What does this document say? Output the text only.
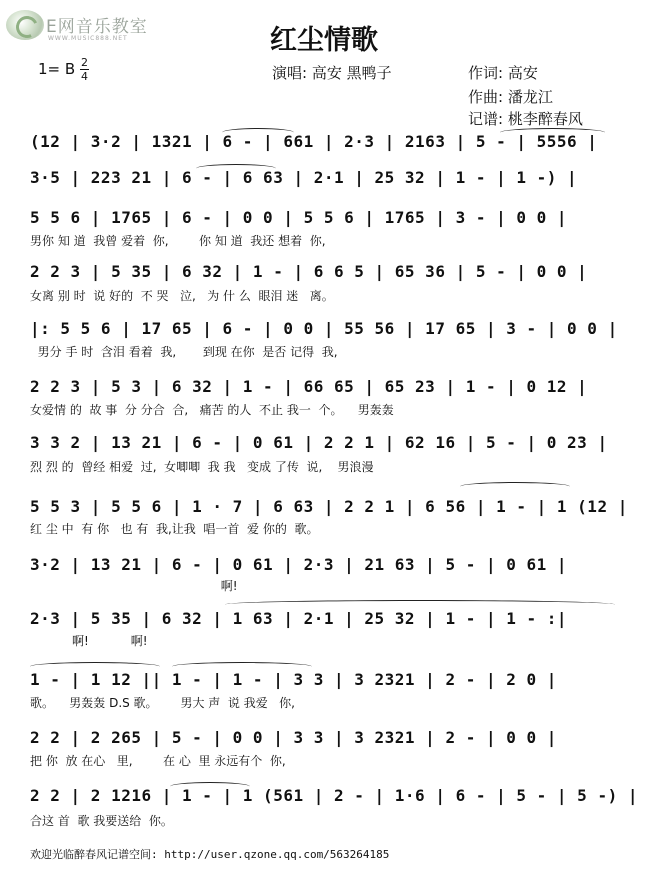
E网音乐教室
WWW.MUSIC888.NET	红尘情歌
1= B 2
4	演唱: 高安 黑鸭子	作词: 高安
作曲: 潘龙江
记谱: 桃李醉春风
(12 | 3·2 | 1321 | 6 - | 661 | 2·3 | 2163 | 5 - | 5556 |
3·5 | 223 21 | 6 - | 6 63 | 2·1 | 25 32 | 1 - | 1 -) |
5 5 6 | 1765 | 6 - | 0 0 | 5 5 6 | 1765 | 3 - | 0 0 |
男你 知 道  我曾 爱着  你,        你 知 道  我还 想着  你,
2 2 3 | 5 35 | 6 32 | 1 - | 6 6 5 | 65 36 | 5 - | 0 0 |
女离 别 时  说 好的  不 哭   泣,   为 什 么  眼泪 迷   离。
|: 5 5 6 | 17 65 | 6 - | 0 0 | 55 56 | 17 65 | 3 - | 0 0 |
男分 手 时  含泪 看着  我,       到现 在你  是否 记得  我,
2 2 3 | 5 3 | 6 32 | 1 - | 66 65 | 65 23 | 1 - | 0 12 |
女爱情 的  故 事  分 分合  合,   痛苦 的人  不止 我一  个。    男轰轰
3 3 2 | 13 21 | 6 - | 0 61 | 2 2 1 | 62 16 | 5 - | 0 23 |
烈 烈 的  曾经 相爱  过,  女唧唧  我 我   变成 了传  说,    男浪漫
5 5 3 | 5 5 6 | 1 · 7 | 6 63 | 2 2 1 | 6 56 | 1 - | 1 (12 |
红 尘 中  有 你   也 有  我,让我  唱一首  爱 你的  歌。
3·2 | 13 21 | 6 - | 0 61 | 2·3 | 21 63 | 5 - | 0 61 |
啊!
2·3 | 5 35 | 6 32 | 1 63 | 2·1 | 25 32 | 1 - | 1 - :|
啊!           啊!
1 - | 1 12 || 1 - | 1 - | 3 3 | 3 2321 | 2 - | 2 0 |
歌。    男轰轰 D.S 歌。      男大 声  说 我爱   你,
2 2 | 2 265 | 5 - | 0 0 | 3 3 | 3 2321 | 2 - | 0 0 |
把 你  放 在心   里,        在 心  里 永远有个  你,
2 2 | 2 1216 | 1 - | 1 (561 | 2 - | 1·6 | 6 - | 5 - | 5 -) |
合这 首  歌 我要送给  你。
欢迎光临醉春风记谱空间: http://user.qzone.qq.com/563264185
